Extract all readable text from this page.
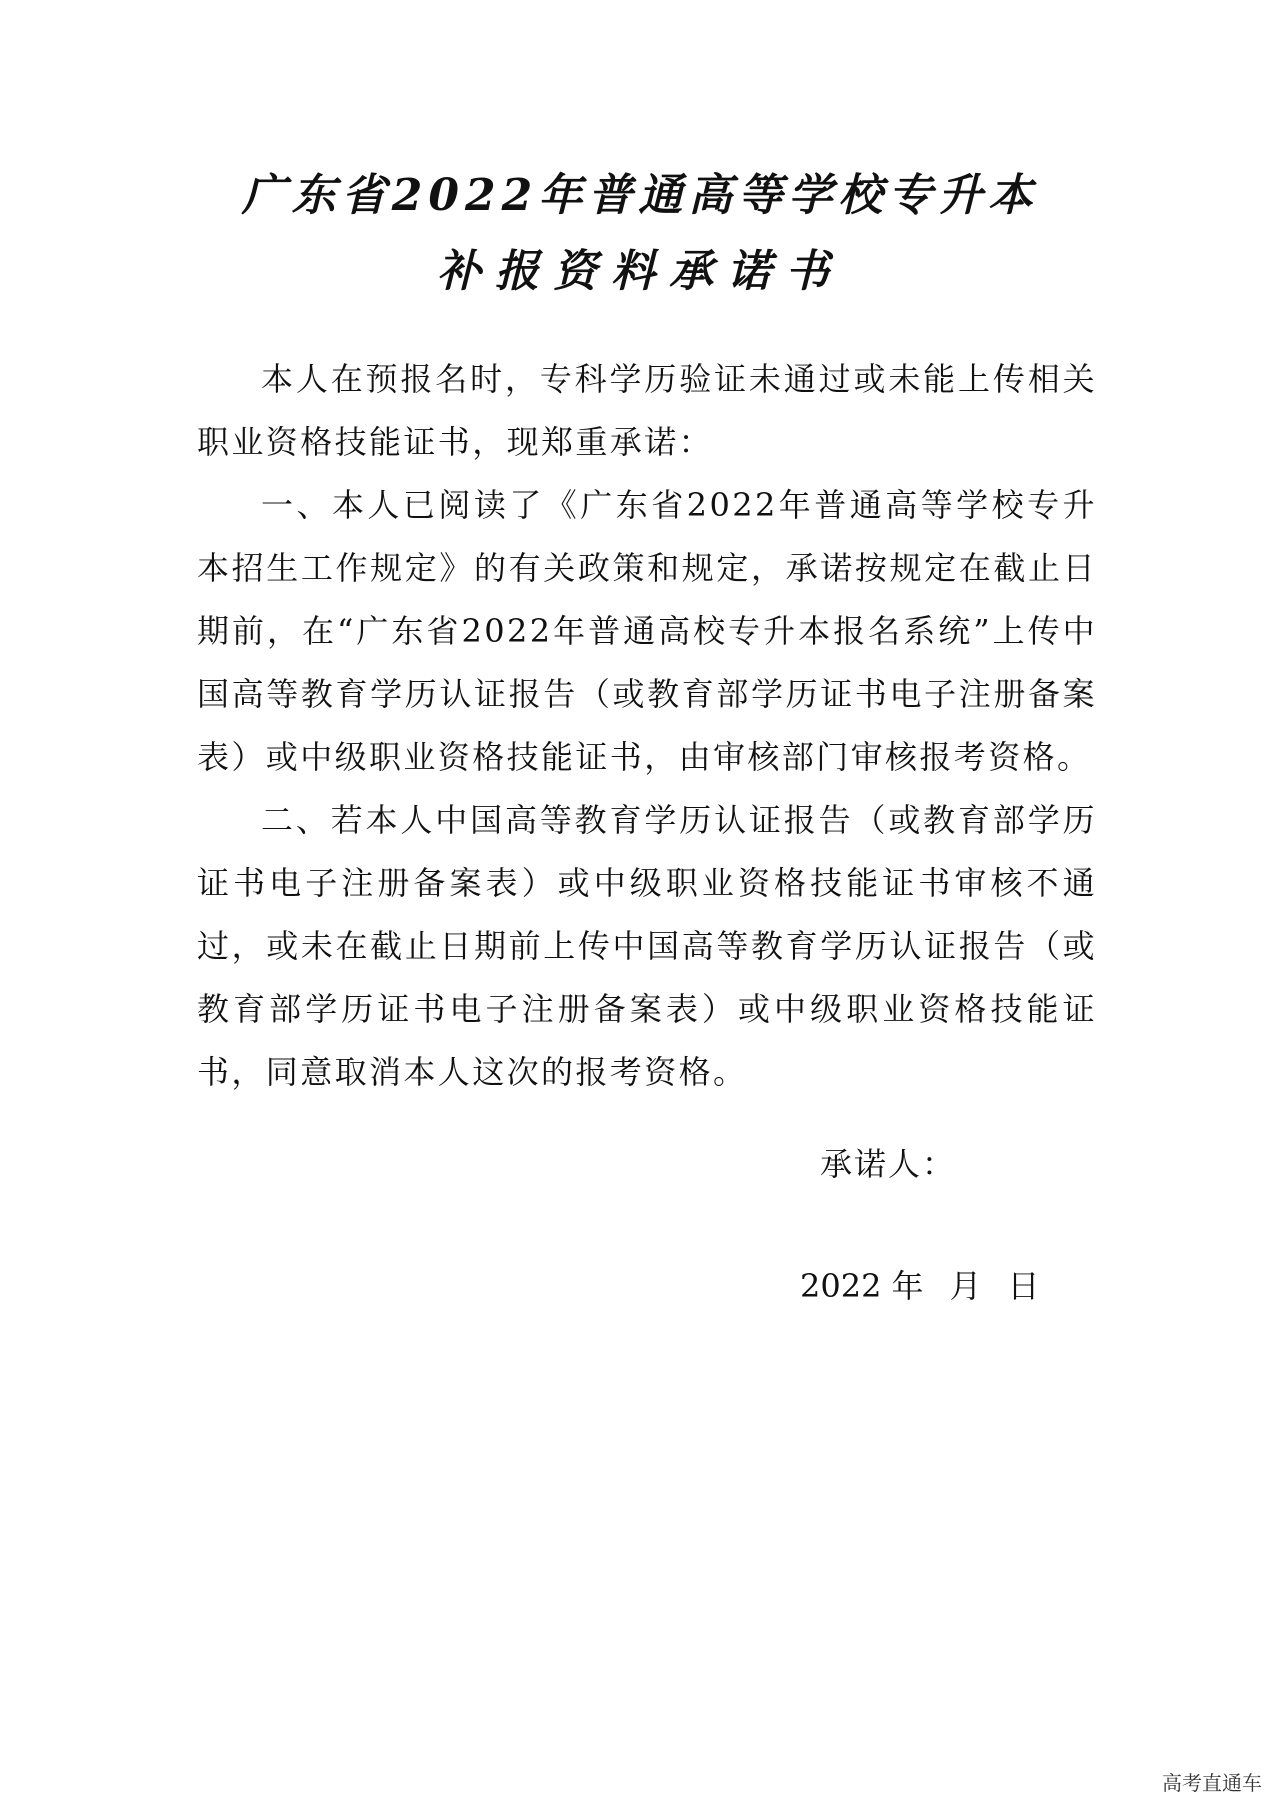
广东省2022年普通高等学校专升本
补报资料承诺书

本人在预报名时，专科学历验证未通过或未能上传相关职业资格技能证书，现郑重承诺：

一、本人已阅读了《广东省2022年普通高等学校专升本招生工作规定》的有关政策和规定，承诺按规定在截止日期前，在“广东省2022年普通高校专升本报名系统”上传中国高等教育学历认证报告（或教育部学历证书电子注册备案表）或中级职业资格技能证书，由审核部门审核报考资格。

二、若本人中国高等教育学历认证报告（或教育部学历证书电子注册备案表）或中级职业资格技能证书审核不通过，或未在截止日期前上传中国高等教育学历认证报告（或教育部学历证书电子注册备案表）或中级职业资格技能证书，同意取消本人这次的报考资格。

承诺人：
2022 年 月 日
高考直通车
